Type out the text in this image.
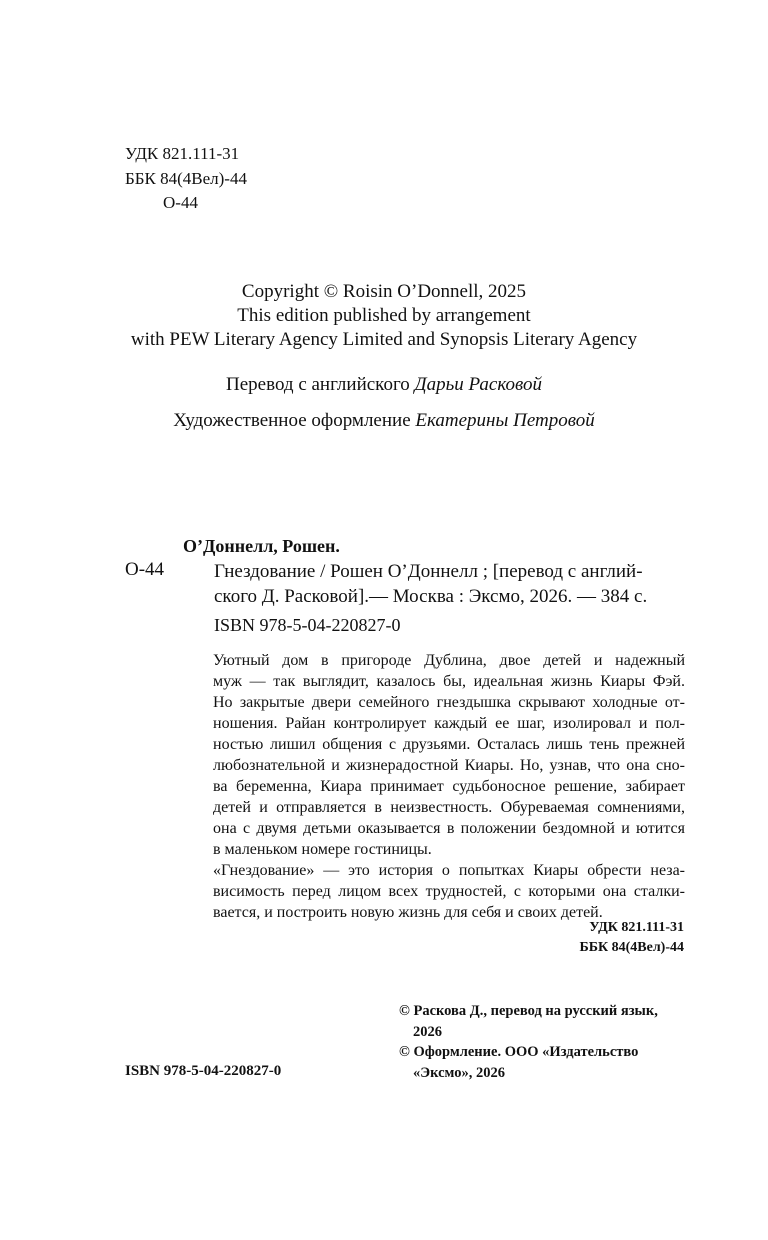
УДК 821.111-31
ББК 84(4Вел)-44
О-44
Copyright © Roisin O’Donnell, 2025
This edition published by arrangement
with PEW Literary Agency Limited and Synopsis Literary Agency
Перевод с английского Дарьи Расковой
Художественное оформление Екатерины Петровой
О’Доннелл, Рошен.
О-44	Гнездование / Рошен О’Доннелл ; [перевод с англий-
ского Д. Расковой].— Москва : Эксмо, 2026. — 384 с.
ISBN 978-5-04-220827-0

Уютный дом в пригороде Дублина, двое детей и надежный
муж — так выглядит, казалось бы, идеальная жизнь Киары Фэй.
Но закрытые двери семейного гнездышка скрывают холодные от-
ношения. Райан контролирует каждый ее шаг, изолировал и пол-
ностью лишил общения с друзьями. Осталась лишь тень прежней
любознательной и жизнерадостной Киары. Но, узнав, что она сно-
ва беременна, Киара принимает судьбоносное решение, забирает
детей и отправляется в неизвестность. Обуреваемая сомнениями,
она с двумя детьми оказывается в положении бездомной и ютится
в маленьком номере гостиницы.

«Гнездование» — это история о попытках Киары обрести неза-
висимость перед лицом всех трудностей, с которыми она сталки-
вается, и построить новую жизнь для себя и своих детей.

УДК 821.111-31
ББК 84(4Вел)-44
© Раскова Д., перевод на русский язык,
2026
© Оформление. ООО «Издательство
«Эксмо», 2026
ISBN 978-5-04-220827-0
